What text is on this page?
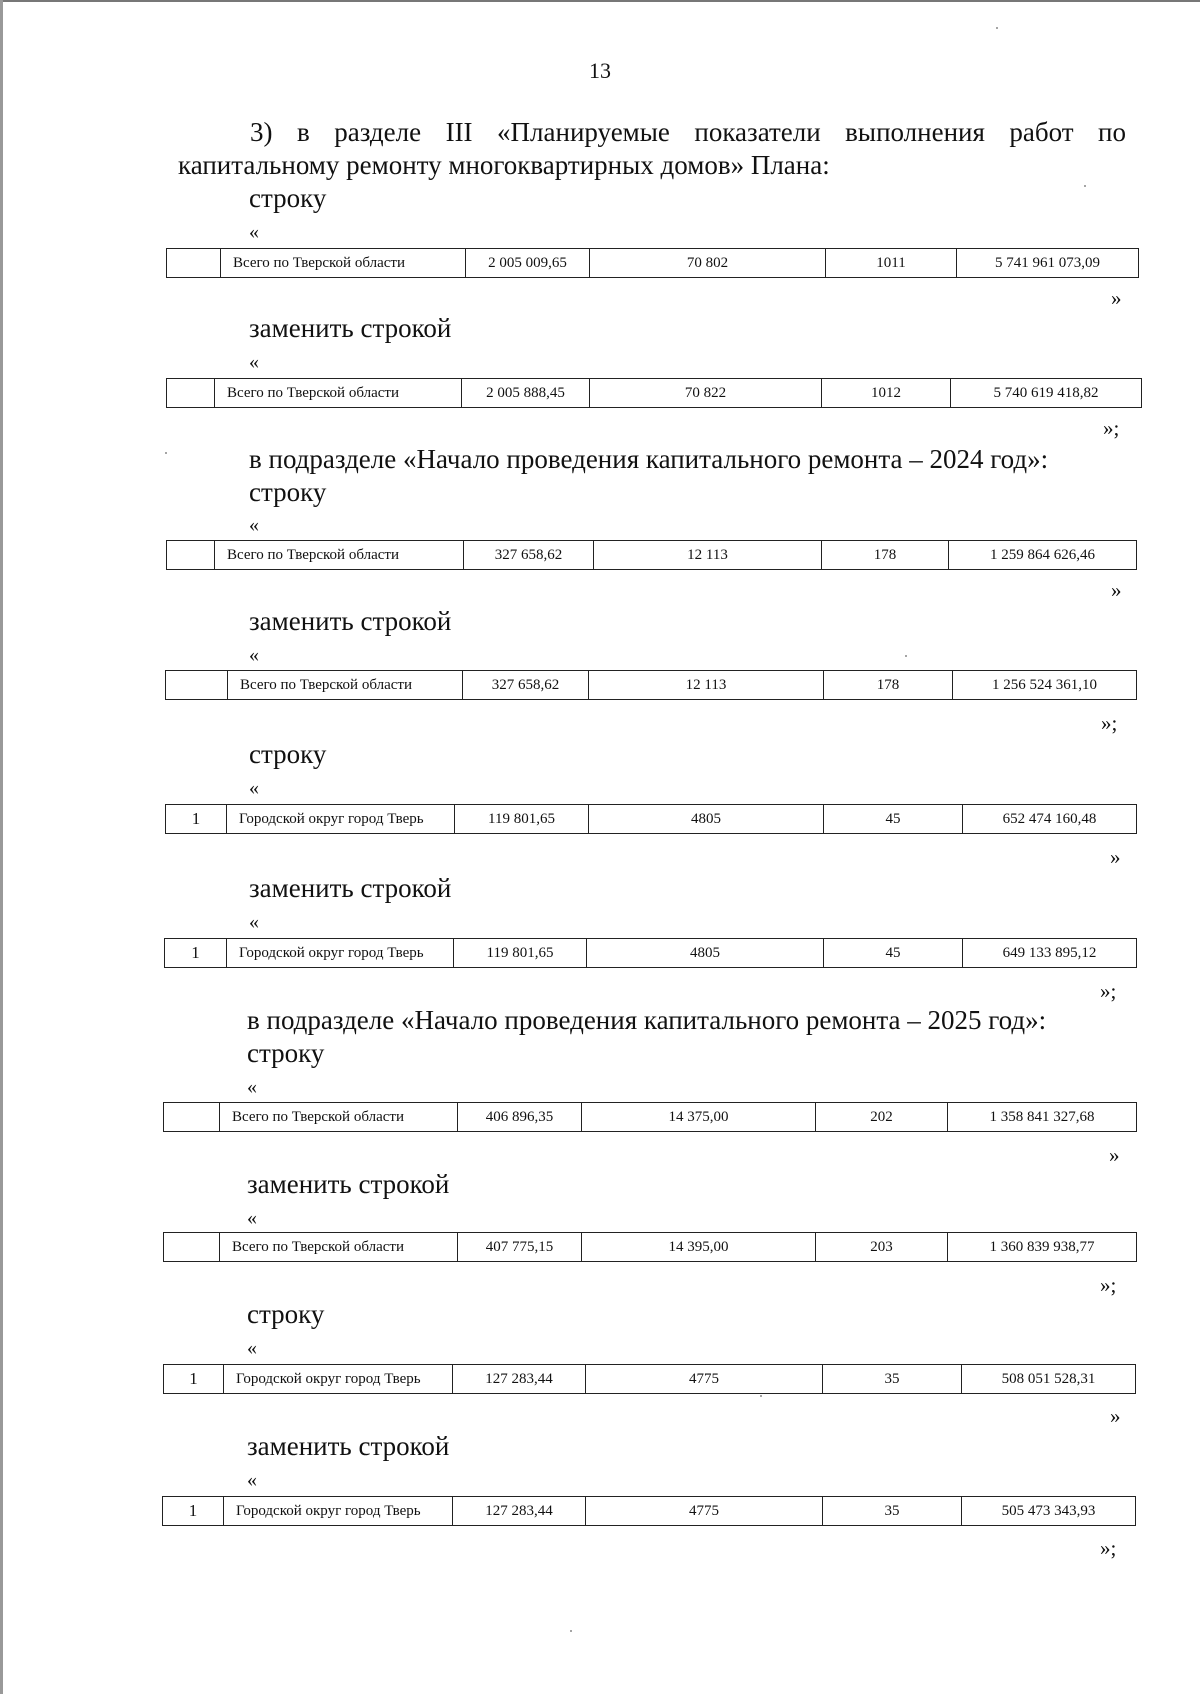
13
3) в разделе III «Планируемые показатели выполнения работ по
капитальному ремонту многоквартирных домов» Плана:
строку
«
	Всего по Тверской области	2 005 009,65	70 802	1011	5 741 961 073,09
»
заменить строкой
«
	Всего по Тверской области	2 005 888,45	70 822	1012	5 740 619 418,82
»;
в подразделе «Начало проведения капитального ремонта – 2024 год»:
строку
«
	Всего по Тверской области	327 658,62	12 113	178	1 259 864 626,46
»
заменить строкой
«
	Всего по Тверской области	327 658,62	12 113	178	1 256 524 361,10
»;
строку
«
1	Городской округ город Тверь	119 801,65	4805	45	652 474 160,48
»
заменить строкой
«
1	Городской округ город Тверь	119 801,65	4805	45	649 133 895,12
»;
в подразделе «Начало проведения капитального ремонта – 2025 год»:
строку
«
	Всего по Тверской области	406 896,35	14 375,00	202	1 358 841 327,68
»
заменить строкой
«
	Всего по Тверской области	407 775,15	14 395,00	203	1 360 839 938,77
»;
строку
«
1	Городской округ город Тверь	127 283,44	4775	35	508 051 528,31
»
заменить строкой
«
1	Городской округ город Тверь	127 283,44	4775	35	505 473 343,93
»;
